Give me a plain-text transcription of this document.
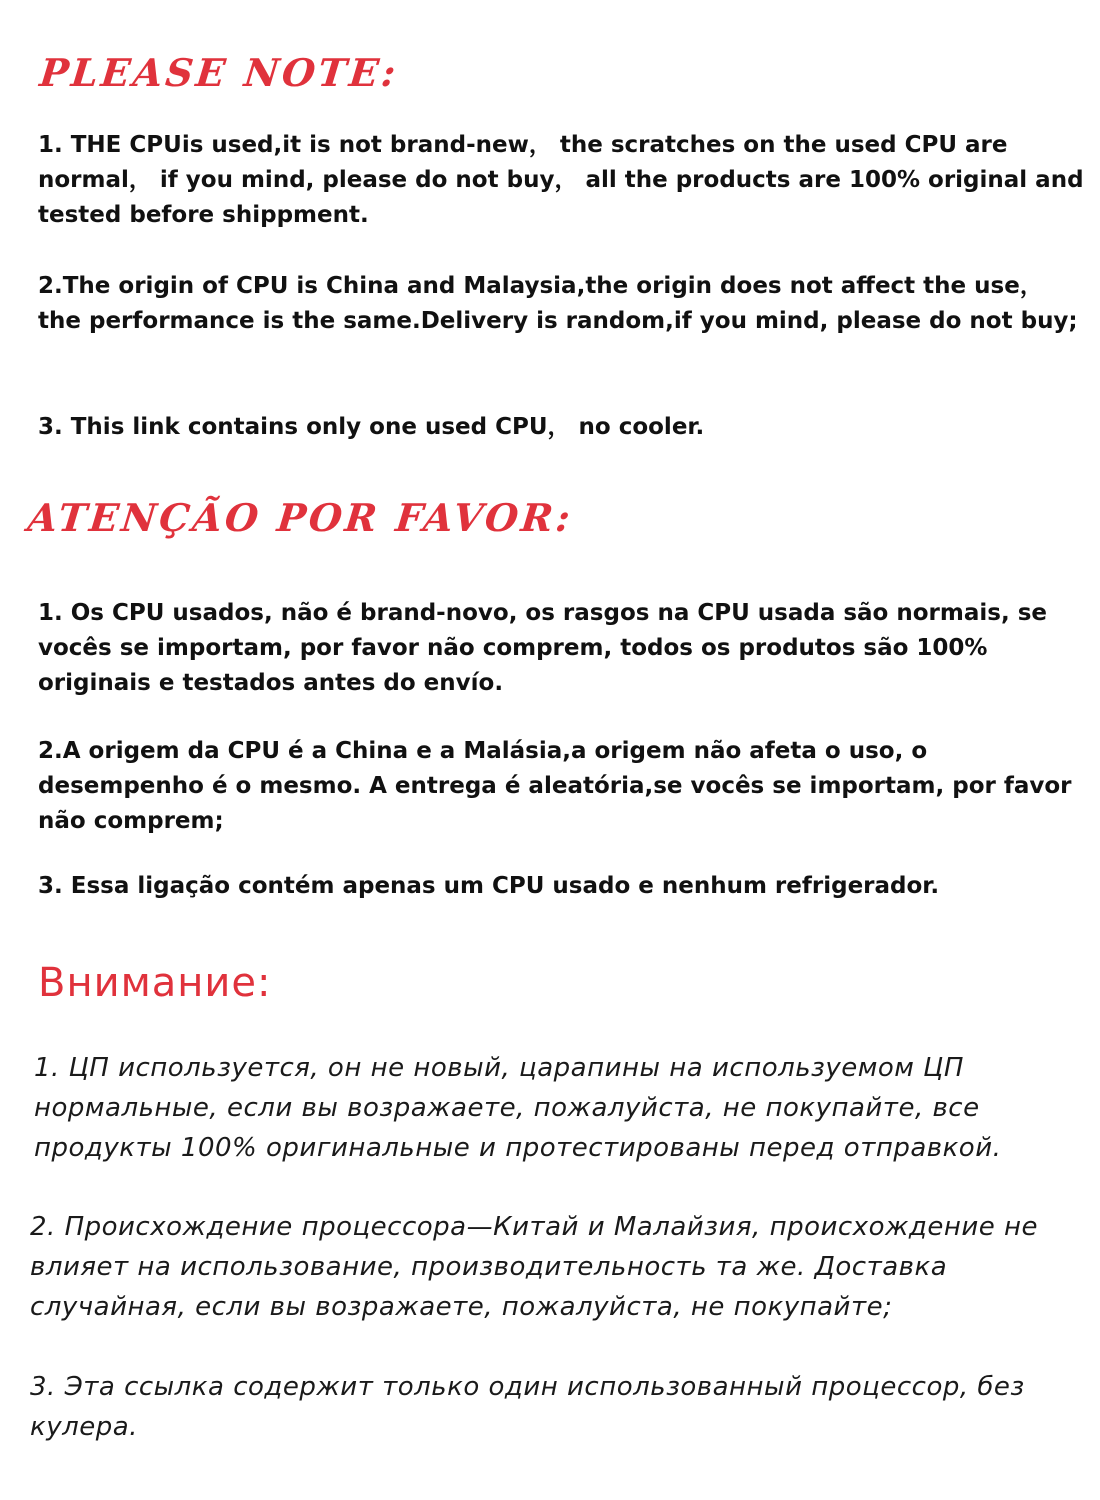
PLEASE NOTE:

1. THE CPUis used,it is not brand-new， the scratches on the used CPU are normal， if you mind, please do not buy， all the products are 100% original and tested before shippment.

2.The origin of CPU is China and Malaysia,the origin does not affect the use， the performance is the same.Delivery is random,if you mind, please do not buy;

3. This link contains only one used CPU， no cooler.

ATENÇÃO POR FAVOR:

1. Os CPU usados, não é brand-novo, os rasgos na CPU usada são normais, se vocês se importam, por favor não comprem, todos os produtos são 100% originais e testados antes do envío.

2.A origem da CPU é a China e a Malásia,a origem não afeta o uso, o desempenho é o mesmo. A entrega é aleatória,se vocês se importam, por favor não comprem;

3. Essa ligação contém apenas um CPU usado e nenhum refrigerador.

Внимание:

1. ЦП используется, он не новый, царапины на используемом ЦП нормальные, если вы возражаете, пожалуйста, не покупайте, все продукты 100% оригинальные и протестированы перед отправкой.

2. Происхождение процессора—Китай и Малайзия, происхождение не влияет на использование, производительность та же. Доставка случайная, если вы возражаете, пожалуйста, не покупайте;

3. Эта ссылка содержит только один использованный процессор, без кулера.
